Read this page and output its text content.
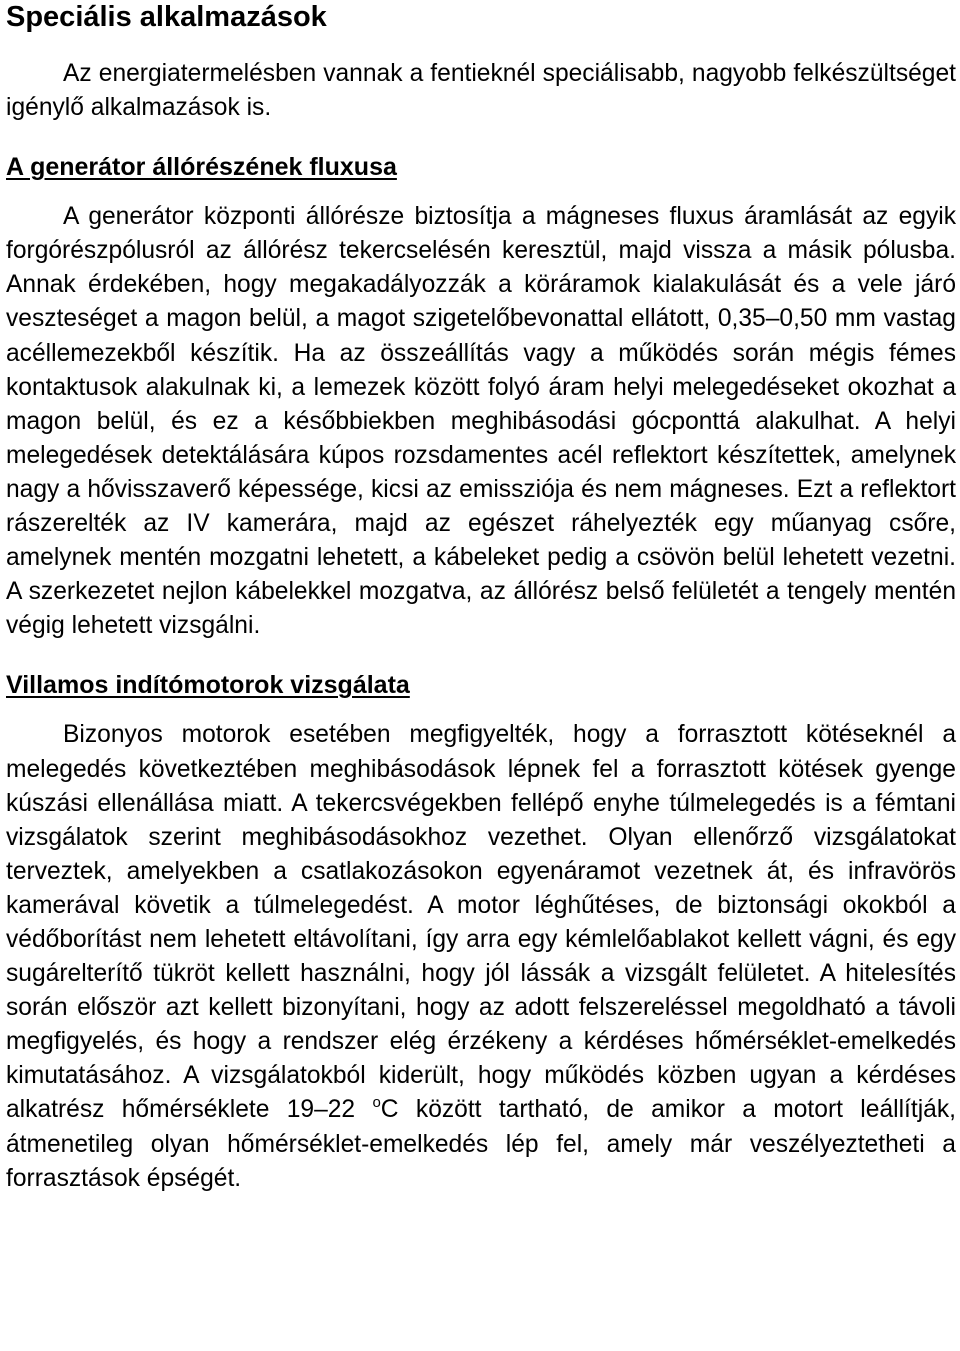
Speciális alkalmazások

Az energiatermelésben vannak a fentieknél speciálisabb, nagyobb felkészültséget igénylő alkalmazások is.

A generátor állórészének fluxusa

A generátor központi állórésze biztosítja a mágneses fluxus áramlását az egyik forgórészpólusról az állórész tekercselésén keresztül, majd vissza a másik pólusba. Annak érdekében, hogy megakadályozzák a köráramok kialakulását és a vele járó veszteséget a magon belül, a magot szigetelőbevonattal ellátott, 0,35–0,50 mm vastag acéllemezekből készítik. Ha az összeállítás vagy a működés során mégis fémes kontaktusok alakulnak ki, a lemezek között folyó áram helyi melegedéseket okozhat a magon belül, és ez a későbbiekben meghibásodási gócponttá alakulhat. A helyi melegedések detektálására kúpos rozsdamentes acél reflektort készítettek, amelynek nagy a hővisszaverő képessége, kicsi az emissziója és nem mágneses. Ezt a reflektort rászerelték az IV kamerára, majd az egészet ráhelyezték egy műanyag csőre, amelynek mentén mozgatni lehetett, a kábeleket pedig a csövön belül lehetett vezetni. A szerkezetet nejlon kábelekkel mozgatva, az állórész belső felületét a tengely mentén végig lehetett vizsgálni.

Villamos indítómotorok vizsgálata

Bizonyos motorok esetében megfigyelték, hogy a forrasztott kötéseknél a melegedés következtében meghibásodások lépnek fel a forrasztott kötések gyenge kúszási ellenállása miatt. A tekercsvégekben fellépő enyhe túlmelegedés is a fémtani vizsgálatok szerint meghibásodásokhoz vezethet. Olyan ellenőrző vizsgálatokat terveztek, amelyekben a csatlakozásokon egyenáramot vezetnek át, és infravörös kamerával követik a túlmelegedést. A motor léghűtéses, de biztonsági okokból a védőborítást nem lehetett eltávolítani, így arra egy kémlelőablakot kellett vágni, és egy sugárelterítő tükröt kellett használni, hogy jól lássák a vizsgált felületet. A hitelesítés során először azt kellett bizonyítani, hogy az adott felszereléssel megoldható a távoli megfigyelés, és hogy a rendszer elég érzékeny a kérdéses hőmérséklet-emelkedés kimutatásához. A vizsgálatokból kiderült, hogy működés közben ugyan a kérdéses alkatrész hőmérséklete 19–22 $^o$C között tartható, de amikor a motort leállítják, átmenetileg olyan hőmérséklet-emelkedés lép fel, amely már veszélyeztetheti a forrasztások épségét.
